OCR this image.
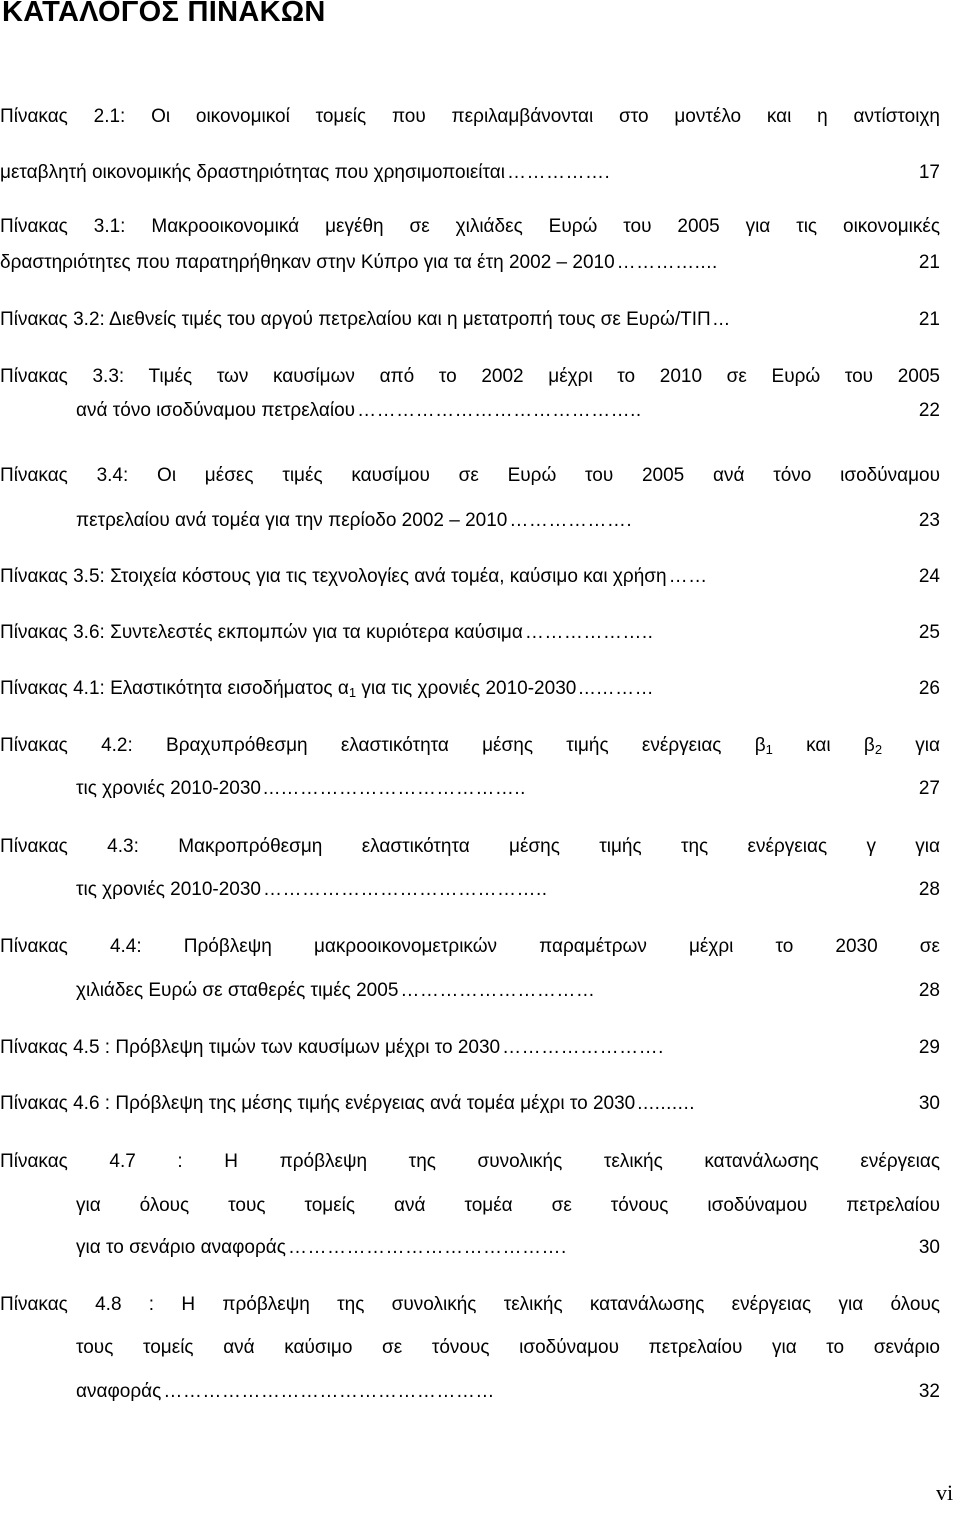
ΚΑΤΑΛΟΓΟΣ ΠΙΝΑΚΩΝ
Πίνακας 2.1: Οι οικονομικοί τομείς που περιλαμβάνονται στο μοντέλο και η αντίστοιχη
μεταβλητή οικονομικής δραστηριότητας που χρησιμοποιείται …………….	17
Πίνακας 3.1: Μακροοικονομικά μεγέθη σε χιλιάδες Ευρώ του 2005 για τις οικονομικές
δραστηριότητες που παρατηρήθηκαν στην Κύπρο για τα έτη 2002 – 2010 …………....	21
Πίνακας 3.2: Διεθνείς τιμές του αργού πετρελαίου και η μετατροπή τους σε Ευρώ/ΤΙΠ ...	21
Πίνακας 3.3: Τιμές των καυσίμων από το 2002 μέχρι το 2010 σε Ευρώ του 2005
ανά τόνο ισοδύναμου πετρελαίου ……………………………………..	22
Πίνακας 3.4: Οι μέσες τιμές καυσίμου σε Ευρώ του 2005 ανά τόνο ισοδύναμου
πετρελαίου ανά τομέα για την περίοδο 2002 – 2010 ……………….	23
Πίνακας 3.5: Στοιχεία κόστους για τις τεχνολογίες ανά τομέα, καύσιμο και χρήση ……	24
Πίνακας 3.6: Συντελεστές εκπομπών για τα κυριότερα καύσιμα ………………..	25
Πίνακας 4.1: Ελαστικότητα εισοδήματος $\alpha_1$ για τις χρονιές 2010-2030 ...………	26
Πίνακας 4.2: Βραχυπρόθεσμη ελαστικότητα μέσης τιμής ενέργειας $\beta_1$ και $\beta_2$ για
τις χρονιές 2010-2030 ...………………………………..	27
Πίνακας 4.3: Μακροπρόθεσμη ελαστικότητα μέσης τιμής της ενέργειας γ για
τις χρονιές 2010-2030 ……………………………………..	28
Πίνακας 4.4: Πρόβλεψη μακροοικονομετρικών παραμέτρων μέχρι το 2030 σε
χιλιάδες Ευρώ σε σταθερές τιμές 2005 …………………………	28
Πίνακας 4.5 : Πρόβλεψη τιμών των καυσίμων μέχρι το 2030 …………………….	29
Πίνακας 4.6 : Πρόβλεψη της μέσης τιμής ενέργειας ανά τομέα μέχρι το 2030 ..........	30
Πίνακας 4.7 : Η πρόβλεψη της συνολικής τελικής κατανάλωσης ενέργειας
για όλους τους τομείς ανά τομέα σε τόνους ισοδύναμου πετρελαίου
για το σενάριο αναφοράς …………………………………….	30
Πίνακας 4.8 : Η πρόβλεψη της συνολικής τελικής κατανάλωσης ενέργειας για όλους
τους τομείς ανά καύσιμο σε τόνους ισοδύναμου πετρελαίου για το σενάριο
αναφοράς ……………………………………………	32
vi
